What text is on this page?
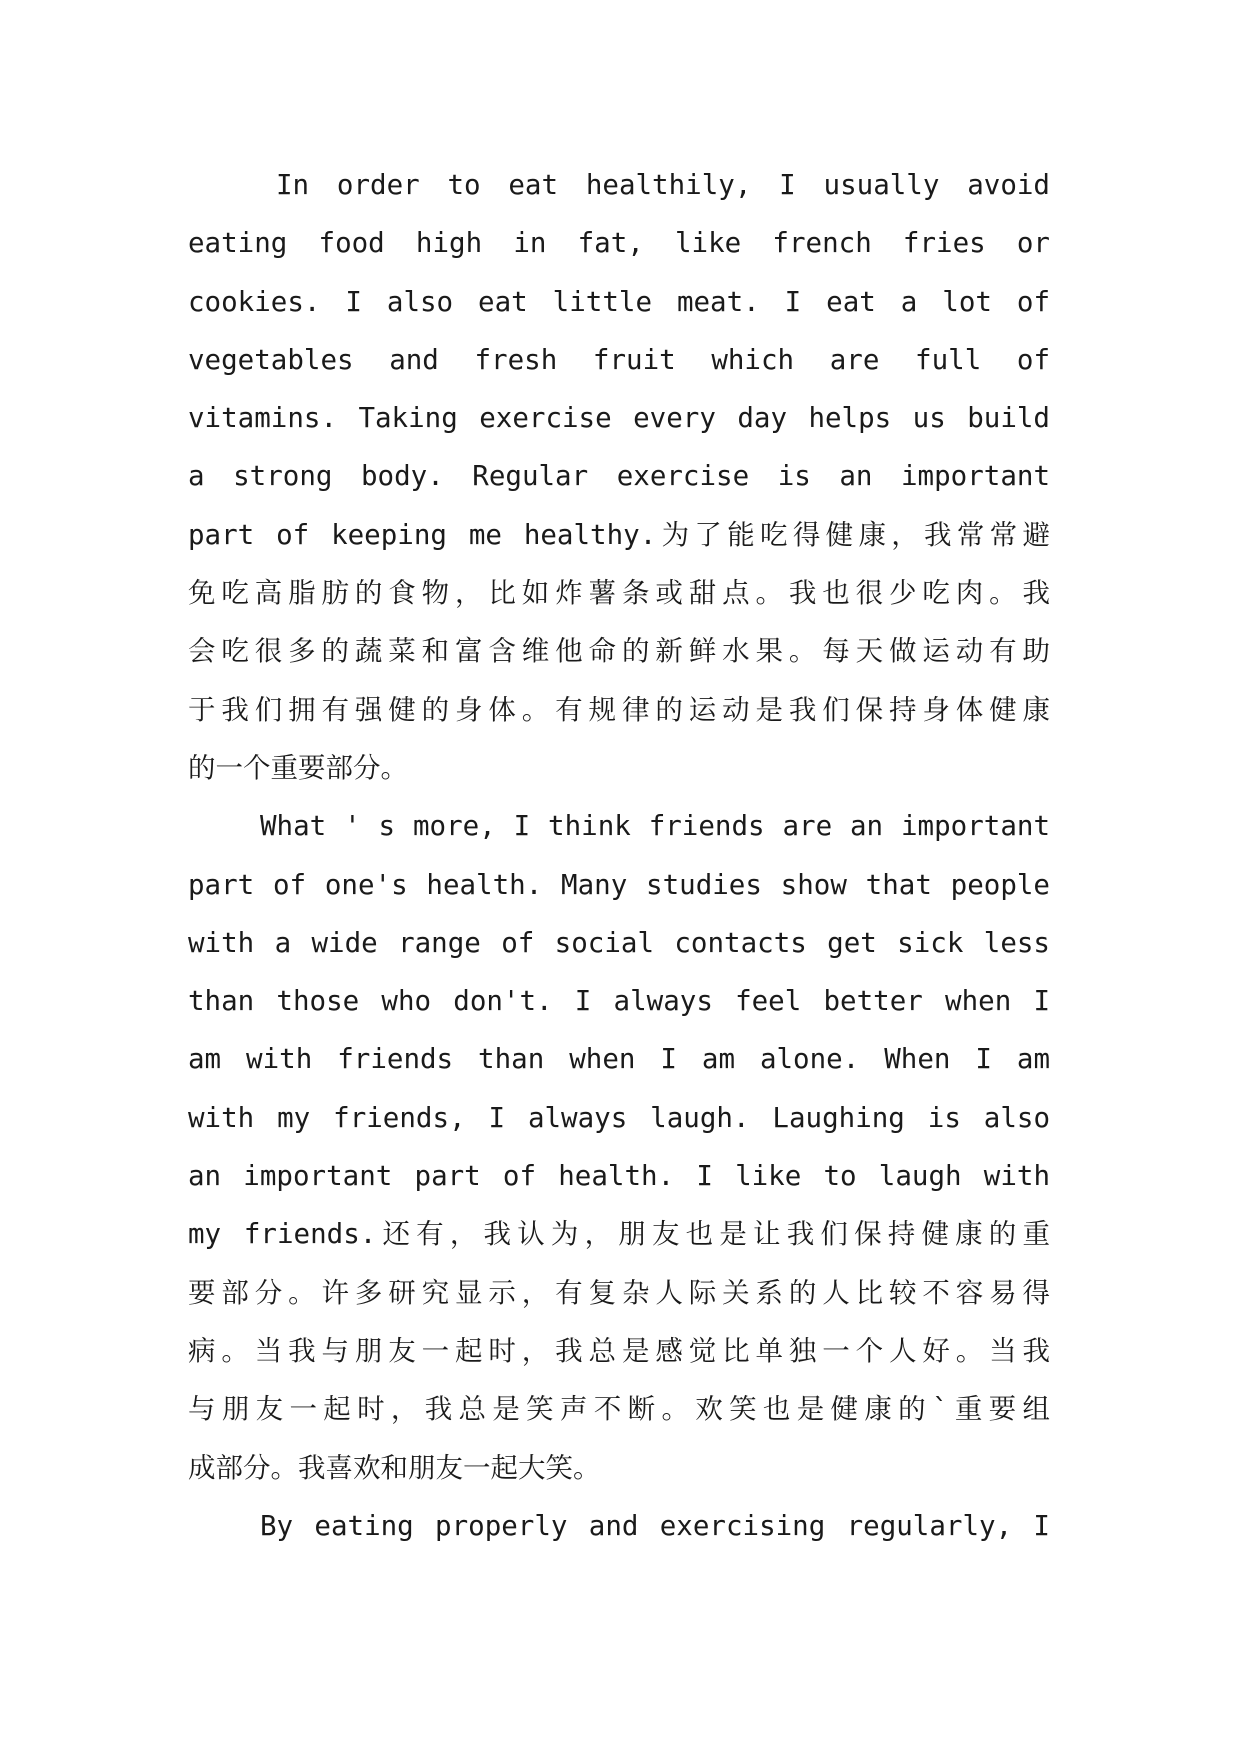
In order to eat healthily, I usually avoid
eating food high in fat, like french fries or
cookies. I also eat little meat. I eat a lot of
vegetables and fresh fruit which are full of
vitamins. Taking exercise every day helps us build
a strong body. Regular exercise is an important
part of keeping me healthy.为了能吃得健康，我常常避
免吃高脂肪的食物，比如炸薯条或甜点。我也很少吃肉。我
会吃很多的蔬菜和富含维他命的新鲜水果。每天做运动有助
于我们拥有强健的身体。有规律的运动是我们保持身体健康
的一个重要部分。
What ' s more, I think friends are an important
part of one's health. Many studies show that people
with a wide range of social contacts get sick less
than those who don't. I always feel better when I
am with friends than when I am alone. When I am
with my friends, I always laugh. Laughing is also
an important part of health. I like to laugh with
my friends.还有，我认为，朋友也是让我们保持健康的重
要部分。许多研究显示，有复杂人际关系的人比较不容易得
病。当我与朋友一起时，我总是感觉比单独一个人好。当我
与朋友一起时，我总是笑声不断。欢笑也是健康的`重要组
成部分。我喜欢和朋友一起大笑。
By eating properly and exercising regularly, I
